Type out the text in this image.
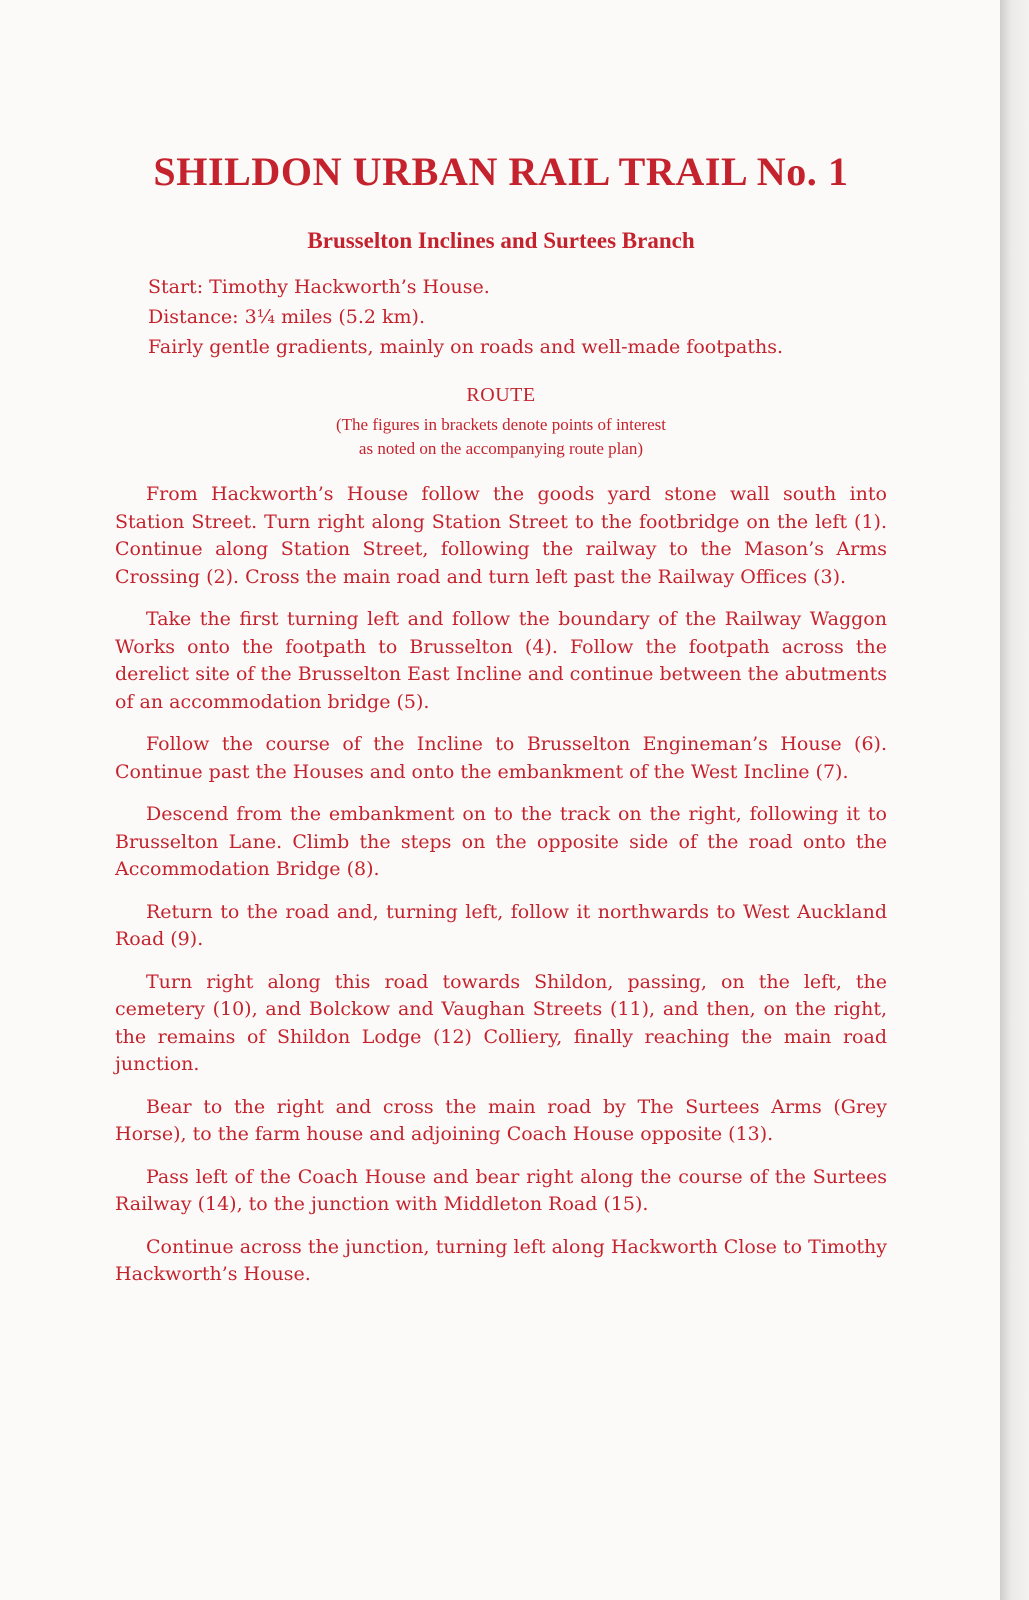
SHILDON URBAN RAIL TRAIL No. 1
Brusselton Inclines and Surtees Branch
Start: Timothy Hackworth’s House.
Distance: 3¼ miles (5.2 km).
Fairly gentle gradients, mainly on roads and well-made footpaths.
ROUTE
(The figures in brackets denote points of interest
as noted on the accompanying route plan)

From Hackworth’s House follow the goods yard stone wall south into Station Street. Turn right along Station Street to the footbridge on the left (1). Continue along Station Street, following the railway to the Mason’s Arms Crossing (2). Cross the main road and turn left past the Railway Offices (3).

Take the first turning left and follow the boundary of the Railway Waggon Works onto the footpath to Brusselton (4). Follow the footpath across the derelict site of the Brusselton East Incline and continue between the abutments of an accommodation bridge (5).

Follow the course of the Incline to Brusselton Engineman’s House (6). Continue past the Houses and onto the embankment of the West Incline (7).

Descend from the embankment on to the track on the right, following it to Brusselton Lane. Climb the steps on the opposite side of the road onto the Accommodation Bridge (8).

Return to the road and, turning left, follow it northwards to West Auckland Road (9).

Turn right along this road towards Shildon, passing, on the left, the cemetery (10), and Bolckow and Vaughan Streets (11), and then, on the right, the remains of Shildon Lodge (12) Colliery, finally reaching the main road junction.

Bear to the right and cross the main road by The Surtees Arms (Grey Horse), to the farm house and adjoining Coach House opposite (13).

Pass left of the Coach House and bear right along the course of the Surtees Railway (14), to the junction with Middleton Road (15).

Continue across the junction, turning left along Hackworth Close to Timothy Hackworth’s House.
